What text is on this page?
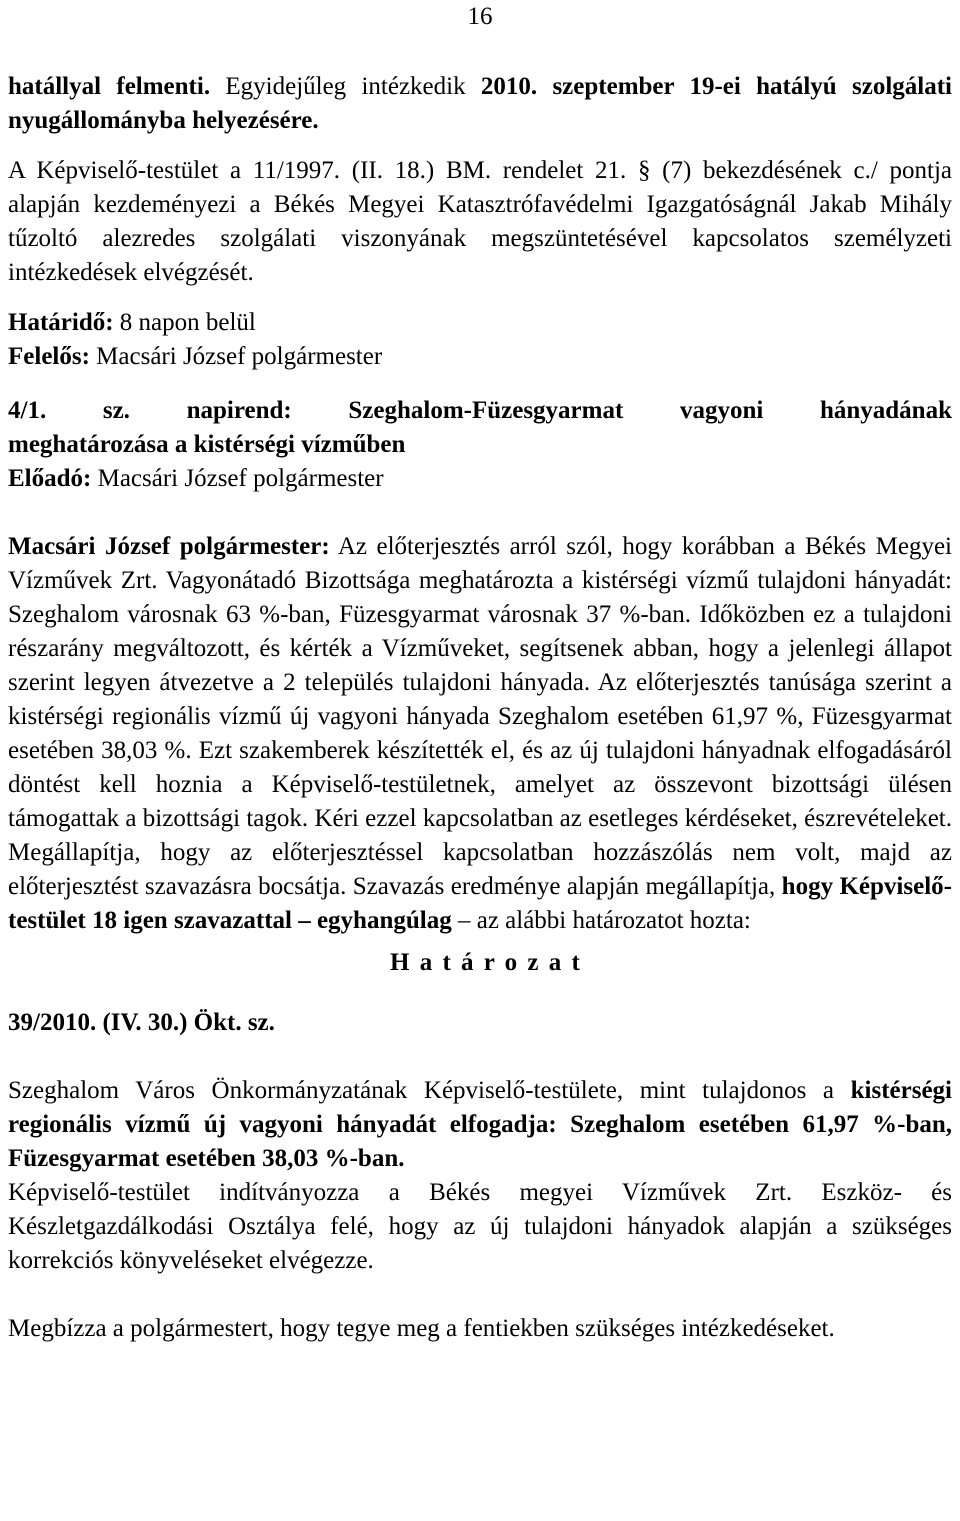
16

hatállyal felmenti. Egyidejűleg intézkedik 2010. szeptember 19-ei hatályú szolgálati nyugállományba helyezésére.

A Képviselő-testület a 11/1997. (II. 18.) BM. rendelet 21. § (7) bekezdésének c./ pontja alapján kezdeményezi a Békés Megyei Katasztrófavédelmi Igazgatóságnál Jakab Mihály tűzoltó alezredes szolgálati viszonyának megszüntetésével kapcsolatos személyzeti intézkedések elvégzését.

Határidő: 8 napon belül

Felelős: Macsári József polgármester

4/1. sz. napirend: Szeghalom-Füzesgyarmat vagyoni hányadának

meghatározása a kistérségi vízműben

Előadó: Macsári József polgármester

Macsári József polgármester: Az előterjesztés arról szól, hogy korábban a Békés Megyei Vízművek Zrt. Vagyonátadó Bizottsága meghatározta a kistérségi vízmű tulajdoni hányadát: Szeghalom városnak 63 %-ban, Füzesgyarmat városnak 37 %-ban. Időközben ez a tulajdoni részarány megváltozott, és kérték a Vízműveket, segítsenek abban, hogy a jelenlegi állapot szerint legyen átvezetve a 2 település tulajdoni hányada. Az előterjesztés tanúsága szerint a kistérségi regionális vízmű új vagyoni hányada Szeghalom esetében 61,97 %, Füzesgyarmat esetében 38,03 %. Ezt szakemberek készítették el, és az új tulajdoni hányadnak elfogadásáról döntést kell hoznia a Képviselő-testületnek, amelyet az összevont bizottsági ülésen támogattak a bizottsági tagok. Kéri ezzel kapcsolatban az esetleges kérdéseket, észrevételeket. Megállapítja, hogy az előterjesztéssel kapcsolatban hozzászólás nem volt, majd az előterjesztést szavazásra bocsátja. Szavazás eredménye alapján megállapítja, hogy Képviselő-testület 18 igen szavazattal – egyhangúlag – az alábbi határozatot hozta:

H a t á r o z a t

39/2010. (IV. 30.) Ökt. sz.

Szeghalom Város Önkormányzatának Képviselő-testülete, mint tulajdonos a kistérségi regionális vízmű új vagyoni hányadát elfogadja: Szeghalom esetében 61,97 %-ban, Füzesgyarmat esetében 38,03 %-ban.

Képviselő-testület indítványozza a Békés megyei Vízművek Zrt. Eszköz- és Készletgazdálkodási Osztálya felé, hogy az új tulajdoni hányadok alapján a szükséges korrekciós könyveléseket elvégezze.

Megbízza a polgármestert, hogy tegye meg a fentiekben szükséges intézkedéseket.
